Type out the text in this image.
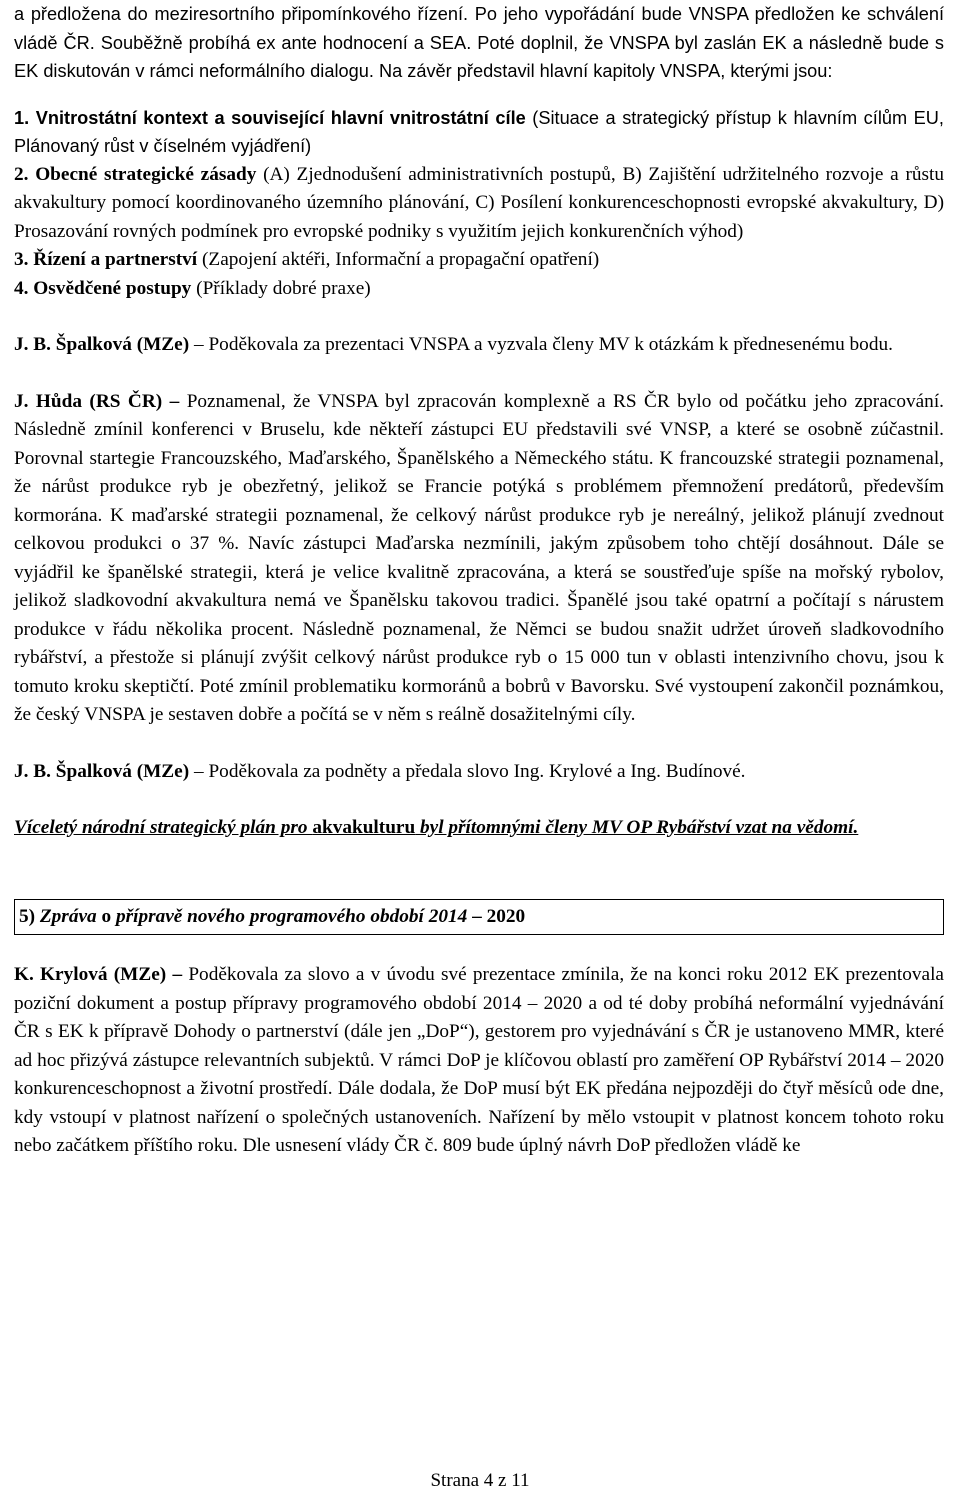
a předložena do meziresortního připomínkového řízení. Po jeho vypořádání bude VNSPA předložen ke schválení vládě ČR. Souběžně probíhá ex ante hodnocení a SEA. Poté doplnil, že VNSPA byl zaslán EK a následně bude s EK diskutován v rámci neformálního dialogu. Na závěr představil hlavní kapitoly VNSPA, kterými jsou:

1. Vnitrostátní kontext a související hlavní vnitrostátní cíle (Situace a strategický přístup k hlavním cílům EU, Plánovaný růst v číselném vyjádření)

2. Obecné strategické zásady (A) Zjednodušení administrativních postupů, B) Zajištění udržitelného rozvoje a růstu akvakultury pomocí koordinovaného územního plánování, C) Posílení konkurenceschopnosti evropské akvakultury, D) Prosazování rovných podmínek pro evropské podniky s využitím jejich konkurenčních výhod)

3. Řízení a partnerství (Zapojení aktéři, Informační a propagační opatření)

4. Osvědčené postupy (Příklady dobré praxe)

J. B. Špalková (MZe) – Poděkovala za prezentaci VNSPA a vyzvala členy MV k otázkám k přednesenému bodu.

J. Hůda (RS ČR) – Poznamenal, že VNSPA byl zpracován komplexně a RS ČR bylo od počátku jeho zpracování. Následně zmínil konferenci v Bruselu, kde někteří zástupci EU představili své VNSP, a které se osobně zúčastnil. Porovnal startegie Francouzského, Maďarského, Španělského a Německého státu. K francouzské strategii poznamenal, že nárůst produkce ryb je obezřetný, jelikož se Francie potýká s problémem přemnožení predátorů, především kormorána. K maďarské strategii poznamenal, že celkový nárůst produkce ryb je nereálný, jelikož plánují zvednout celkovou produkci o 37 %. Navíc zástupci Maďarska nezmínili, jakým způsobem toho chtějí dosáhnout. Dále se vyjádřil ke španělské strategii, která je velice kvalitně zpracována, a která se soustřeďuje spíše na mořský rybolov, jelikož sladkovodní akvakultura nemá ve Španělsku takovou tradici. Španělé jsou také opatrní a počítají s nárustem produkce v řádu několika procent. Následně poznamenal, že Němci se budou snažit udržet úroveň sladkovodního rybářství, a přestože si plánují zvýšit celkový nárůst produkce ryb o 15 000 tun v oblasti intenzivního chovu, jsou k tomuto kroku skeptičtí. Poté zmínil problematiku kormoránů a bobrů v Bavorsku. Své vystoupení zakončil poznámkou, že český VNSPA je sestaven dobře a počítá se v něm s reálně dosažitelnými cíly.

J. B. Špalková (MZe) – Poděkovala za podněty a předala slovo Ing. Krylové a Ing. Budínové.

Víceletý národní strategický plán pro akvakulturu byl přítomnými členy MV OP Rybářství vzat na vědomí.

5) Zpráva o přípravě nového programového období 2014 – 2020

K. Krylová (MZe) – Poděkovala za slovo a v úvodu své prezentace zmínila, že na konci roku 2012 EK prezentovala poziční dokument a postup přípravy programového období 2014 – 2020 a od té doby probíhá neformální vyjednávání ČR s EK k přípravě Dohody o partnerství (dále jen „DoP“), gestorem pro vyjednávání s ČR je ustanoveno MMR, které ad hoc přizývá zástupce relevantních subjektů. V rámci DoP je klíčovou oblastí pro zaměření OP Rybářství 2014 – 2020 konkurenceschopnost a životní prostředí. Dále dodala, že DoP musí být EK předána nejpozději do čtyř měsíců ode dne, kdy vstoupí v platnost nařízení o společných ustanoveních. Nařízení by mělo vstoupit v platnost koncem tohoto roku nebo začátkem příštího roku. Dle usnesení vlády ČR č. 809 bude úplný návrh DoP předložen vládě ke

Strana 4 z 11
